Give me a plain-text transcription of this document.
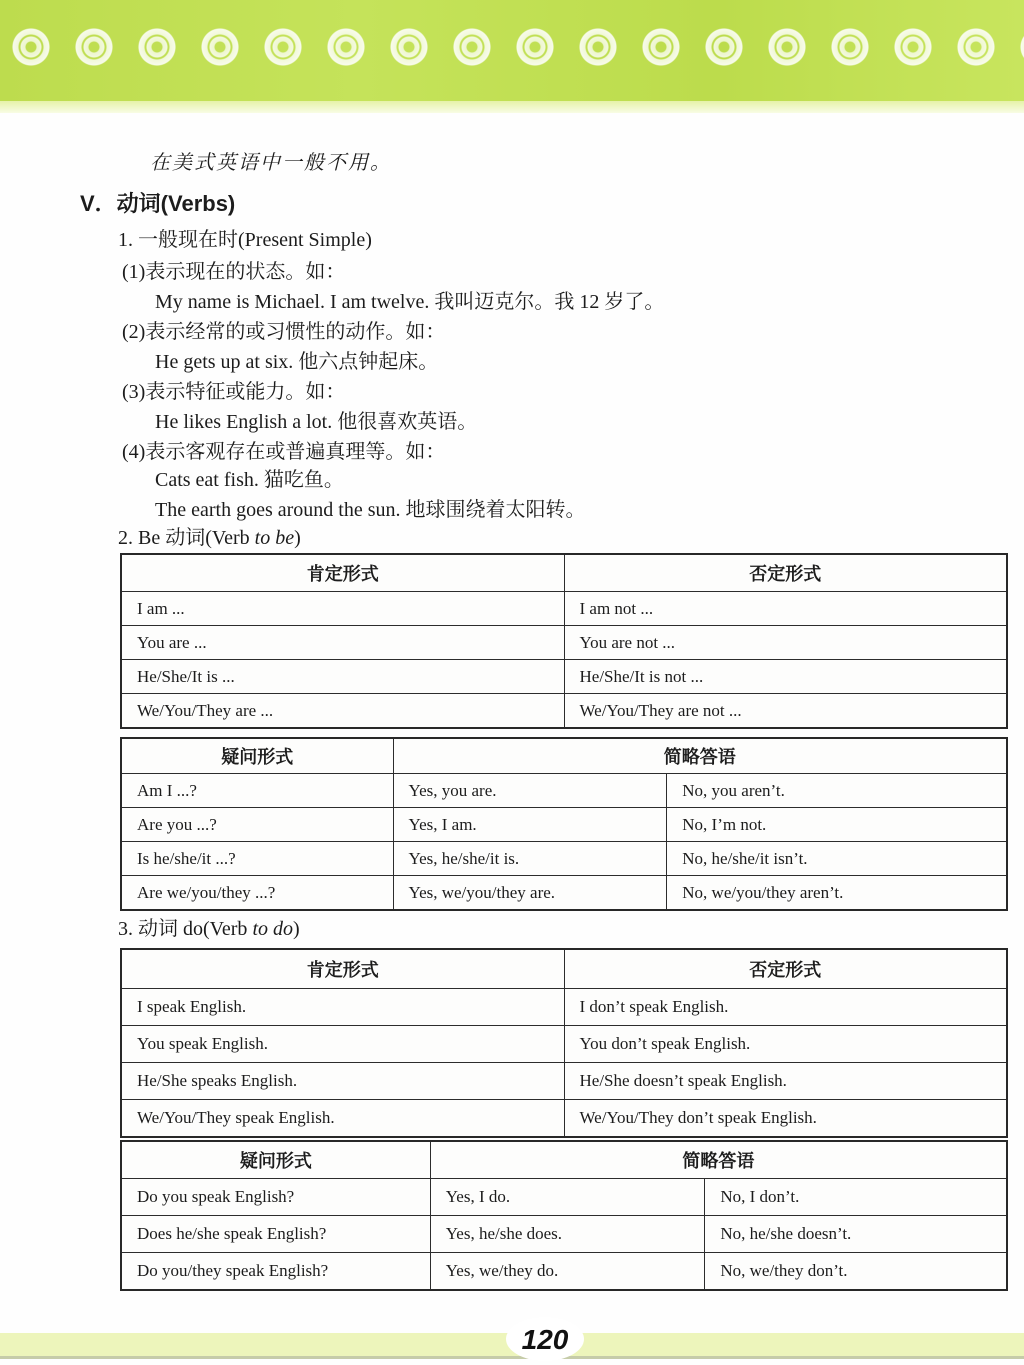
在美式英语中一般不用。
V．动词(Verbs)
1. 一般现在时(Present Simple)
(1)表示现在的状态。如：
My name is Michael. I am twelve. 我叫迈克尔。我 12 岁了。
(2)表示经常的或习惯性的动作。如：
He gets up at six. 他六点钟起床。
(3)表示特征或能力。如：
He likes English a lot. 他很喜欢英语。
(4)表示客观存在或普遍真理等。如：
Cats eat fish. 猫吃鱼。
The earth goes around the sun. 地球围绕着太阳转。
2. Be 动词(Verb to be)
肯定形式	否定形式
I am ...	I am not ...
You are ...	You are not ...
He/She/It is ...	He/She/It is not ...
We/You/They are ...	We/You/They are not ...
疑问形式	简略答语	
Am I ...?	Yes, you are.	No, you aren’t.
Are you ...?	Yes, I am.	No, I’m not.
Is he/she/it ...?	Yes, he/she/it is.	No, he/she/it isn’t.
Are we/you/they ...?	Yes, we/you/they are.	No, we/you/they aren’t.
3. 动词 do(Verb to do)
肯定形式	否定形式
I speak English.	I don’t speak English.
You speak English.	You don’t speak English.
He/She speaks English.	He/She doesn’t speak English.
We/You/They speak English.	We/You/They don’t speak English.
疑问形式	简略答语	
Do you speak English?	Yes, I do.	No, I don’t.
Does he/she speak English?	Yes, he/she does.	No, he/she doesn’t.
Do you/they speak English?	Yes, we/they do.	No, we/they don’t.
120
